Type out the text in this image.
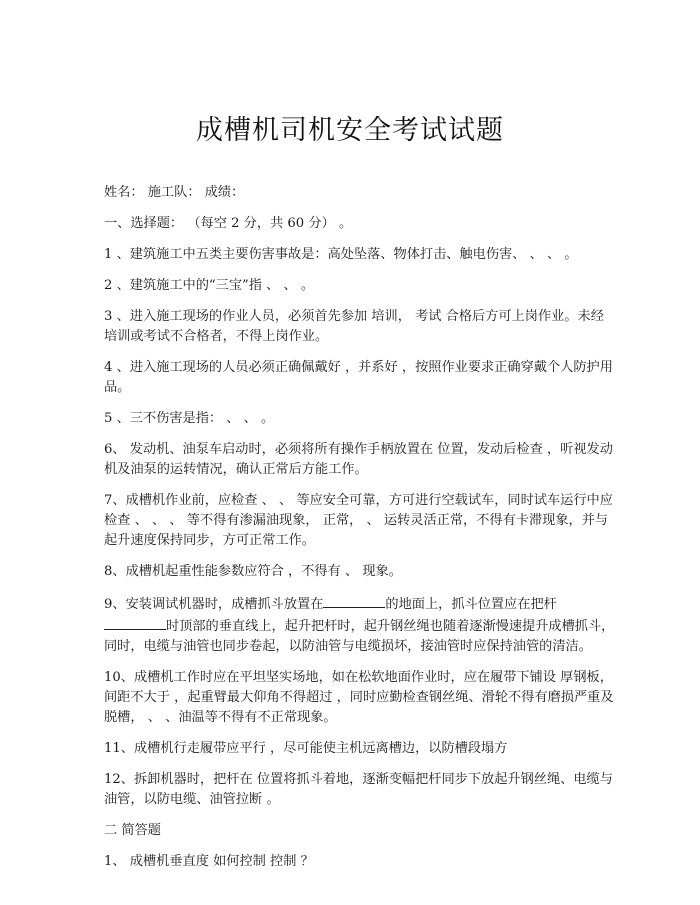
成槽机司机安全考试试题

姓名： 施工队： 成绩：

一、选择题： （每空 2 分，共 60 分） 。

1 、建筑施工中五类主要伤害事故是：高处坠落、物体打击、触电伤害、 、 、 。

2 、建筑施工中的“三宝”指 、 、 。

3 、进入施工现场的作业人员，必须首先参加 培训， 考试 合格后方可上岗作业。未经培训或考试不合格者，不得上岗作业。

4 、进入施工现场的人员必须正确佩戴好 ，并系好 ，按照作业要求正确穿戴个人防护用品。

5 、三不伤害是指： 、 、 。

6、 发动机、油泵车启动时，必须将所有操作手柄放置在 位置，发动后检查 ，听视发动机及油泵的运转情况，确认正常后方能工作。

7、成槽机作业前，应检查 、 、 等应安全可靠，方可进行空载试车，同时试车运行中应检查 、 、 、 等不得有渗漏油现象， 正常， 、 运转灵活正常，不得有卡滞现象，并与起升速度保持同步，方可正常工作。

8、成槽机起重性能参数应符合 ，不得有 、 现象。

9、安装调试机器时，成槽抓斗放置在	的地面上，抓斗位置应在把杆时顶部的垂直线上，起升把杆时，起升钢丝绳也随着逐渐慢速提升成槽抓斗，同时，电缆与油管也同步卷起，以防油管与电缆损坏，接油管时应保持油管的清洁。

10、成槽机工作时应在平坦坚实场地，如在松软地面作业时，应在履带下铺设 厚钢板，间距不大于 ，起重臂最大仰角不得超过 ，同时应勤检查钢丝绳、滑轮不得有磨损严重及脱槽， 、 、油温等不得有不正常现象。

11、成槽机行走履带应平行 ，尽可能使主机远离槽边，以防槽段塌方

12、拆卸机器时，把杆在 位置将抓斗着地，逐渐变幅把杆同步下放起升钢丝绳、电缆与油管，以防电缆、油管拉断 。

二 简答题

1、 成槽机垂直度 如何控制 控制 ？
